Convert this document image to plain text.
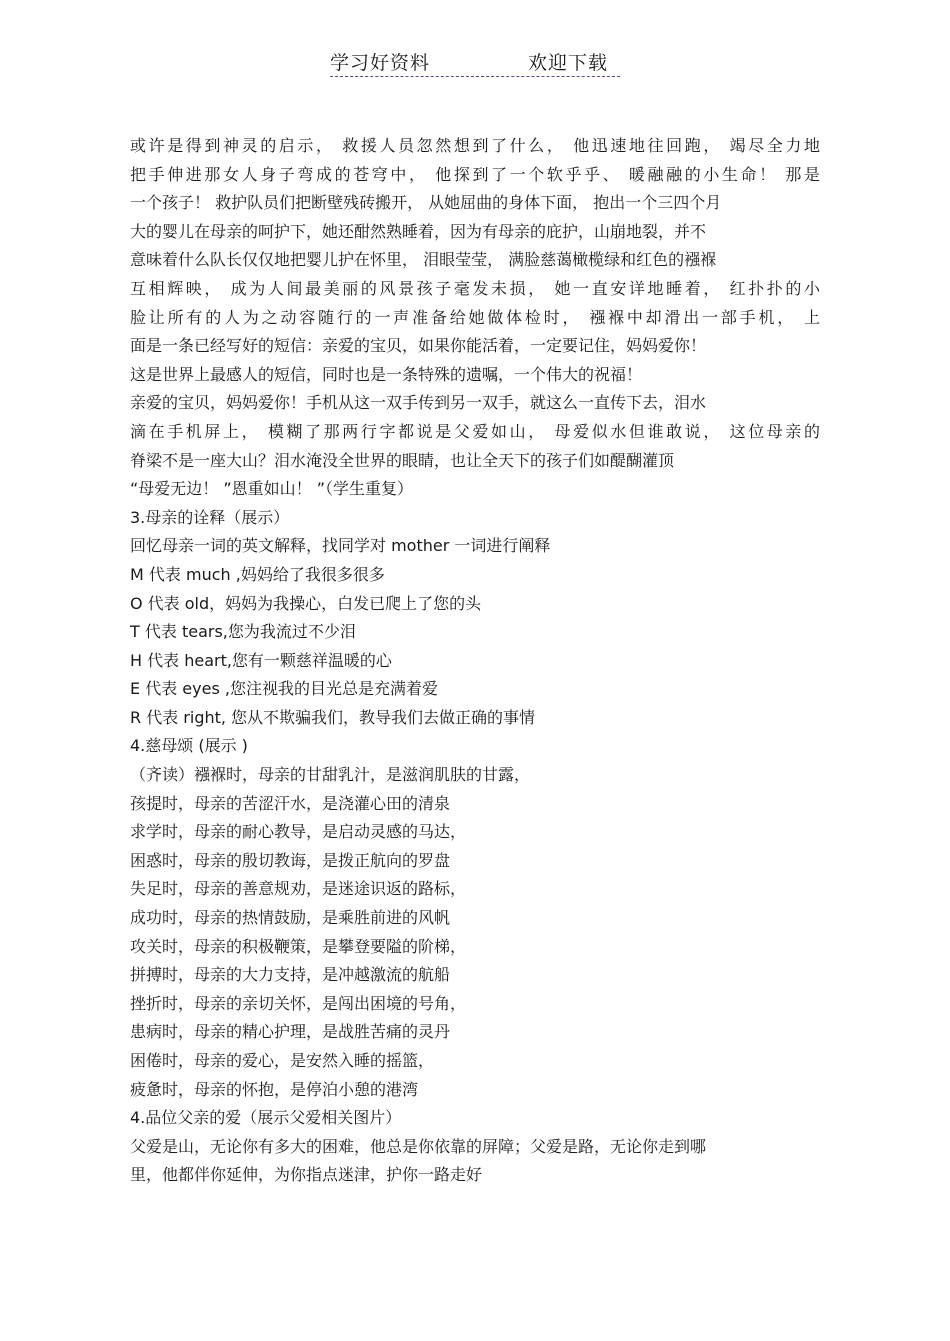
学习好资料	欢迎下载
或许是得到神灵的启示， 救援人员忽然想到了什么， 他迅速地往回跑， 竭尽全力地
把手伸进那女人身子弯成的苍穹中， 他探到了一个软乎乎、 暖融融的小生命！ 那是
一个孩子！ 救护队员们把断壁残砖搬开， 从她屈曲的身体下面， 抱出一个三四个月
大的婴儿在母亲的呵护下，她还酣然熟睡着，因为有母亲的庇护，山崩地裂，并不
意味着什么队长仅仅地把婴儿护在怀里， 泪眼莹莹， 满脸慈蔼橄榄绿和红色的襁褓
互相辉映， 成为人间最美丽的风景孩子毫发未损， 她一直安详地睡着， 红扑扑的小
脸让所有的人为之动容随行的一声准备给她做体检时， 襁褓中却滑出一部手机， 上
面是一条已经写好的短信：亲爱的宝贝，如果你能活着，一定要记住，妈妈爱你！
这是世界上最感人的短信，同时也是一条特殊的遗嘱，一个伟大的祝福！
亲爱的宝贝，妈妈爱你！手机从这一双手传到另一双手，就这么一直传下去，泪水
滴在手机屏上， 模糊了那两行字都说是父爱如山， 母爱似水但谁敢说， 这位母亲的
脊梁不是一座大山？泪水淹没全世界的眼睛，也让全天下的孩子们如醍醐灌顶
“母爱无边！ ”恩重如山！ ”（学生重复）
3.母亲的诠释（展示）
回忆母亲一词的英文解释，找同学对 mother 一词进行阐释
M 代表 much ,妈妈给了我很多很多
O 代表 old，妈妈为我操心，白发已爬上了您的头
T 代表 tears,您为我流过不少泪
H 代表 heart,您有一颗慈祥温暖的心
E 代表 eyes ,您注视我的目光总是充满着爱
R 代表 right, 您从不欺骗我们，教导我们去做正确的事情
4.慈母颂 (展示 )
（齐读）襁褓时，母亲的甘甜乳汁，是滋润肌肤的甘露，
孩提时，母亲的苦涩汗水，是浇灌心田的清泉
求学时，母亲的耐心教导，是启动灵感的马达，
困惑时，母亲的殷切教诲，是拨正航向的罗盘
失足时，母亲的善意规劝，是迷途识返的路标，
成功时，母亲的热情鼓励，是乘胜前进的风帆
攻关时，母亲的积极鞭策，是攀登要隘的阶梯，
拼搏时，母亲的大力支持，是冲越激流的航船
挫折时，母亲的亲切关怀，是闯出困境的号角，
患病时，母亲的精心护理，是战胜苦痛的灵丹
困倦时，母亲的爱心，是安然入睡的摇篮，
疲惫时，母亲的怀抱，是停泊小憩的港湾
4.品位父亲的爱（展示父爱相关图片）
父爱是山，无论你有多大的困难，他总是你依靠的屏障；父爱是路，无论你走到哪
里，他都伴你延伸，为你指点迷津，护你一路走好
